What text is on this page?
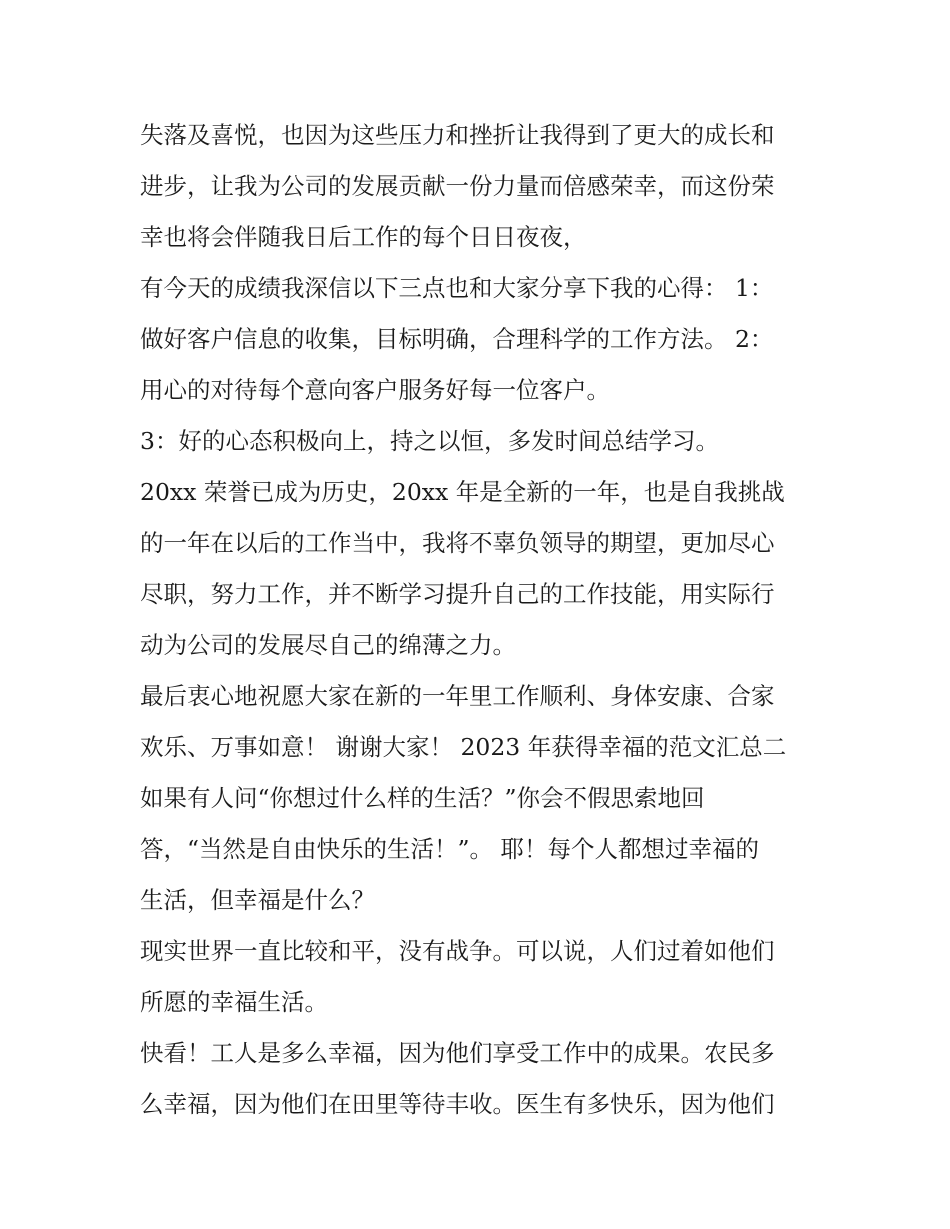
失落及喜悦，也因为这些压力和挫折让我得到了更大的成长和
进步，让我为公司的发展贡献一份力量而倍感荣幸，而这份荣
幸也将会伴随我日后工作的每个日日夜夜，
有今天的成绩我深信以下三点也和大家分享下我的心得： 1：
做好客户信息的收集，目标明确，合理科学的工作方法。 2：
用心的对待每个意向客户服务好每一位客户。
3：好的心态积极向上，持之以恒，多发时间总结学习。
20xx 荣誉已成为历史，20xx 年是全新的一年，也是自我挑战
的一年在以后的工作当中，我将不辜负领导的期望，更加尽心
尽职，努力工作，并不断学习提升自己的工作技能，用实际行
动为公司的发展尽自己的绵薄之力。
最后衷心地祝愿大家在新的一年里工作顺利、身体安康、合家
欢乐、万事如意！ 谢谢大家！ 2023 年获得幸福的范文汇总二
如果有人问“你想过什么样的生活？”你会不假思索地回
答，“当然是自由快乐的生活！”。 耶！每个人都想过幸福的
生活，但幸福是什么？
现实世界一直比较和平，没有战争。可以说，人们过着如他们
所愿的幸福生活。
快看！工人是多么幸福，因为他们享受工作中的成果。农民多
么幸福，因为他们在田里等待丰收。医生有多快乐，因为他们
